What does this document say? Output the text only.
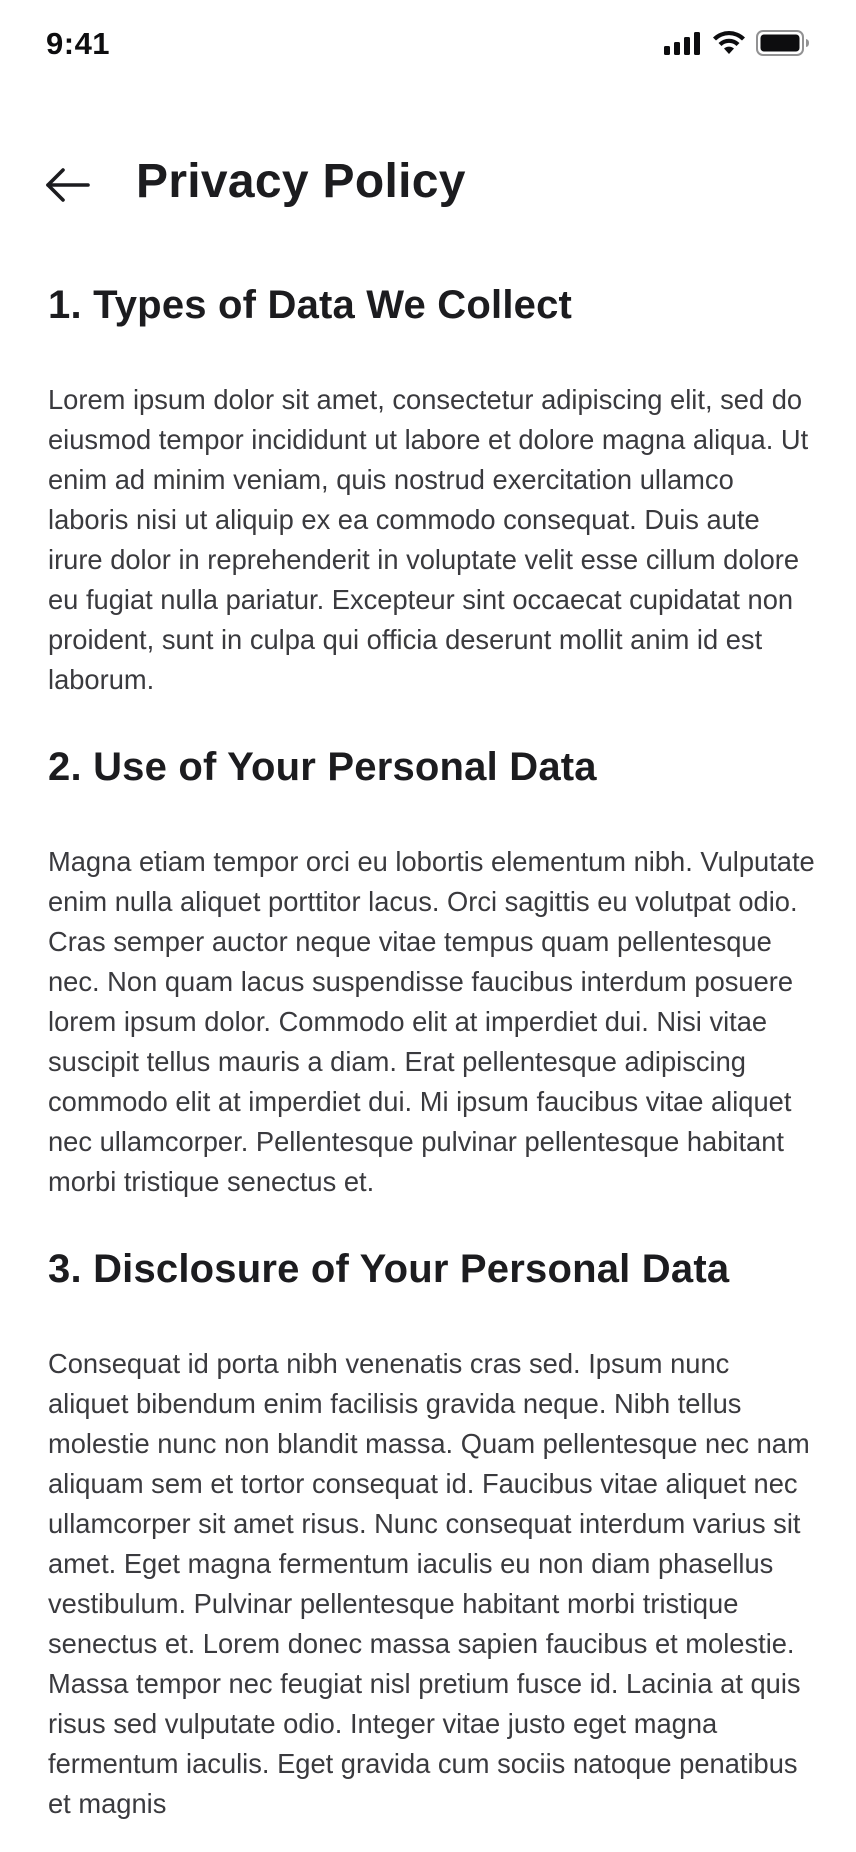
9:41
Privacy Policy
1. Types of Data We Collect

Lorem ipsum dolor sit amet, consectetur adipiscing elit, sed do eiusmod tempor incididunt ut labore et dolore magna aliqua. Ut enim ad minim veniam, quis nostrud exercitation ullamco laboris nisi ut aliquip ex ea commodo consequat. Duis aute irure dolor in reprehenderit in voluptate velit esse cillum dolore eu fugiat nulla pariatur. Excepteur sint occaecat cupidatat non proident, sunt in culpa qui officia deserunt mollit anim id est laborum.

2. Use of Your Personal Data

Magna etiam tempor orci eu lobortis elementum nibh. Vulputate enim nulla aliquet porttitor lacus. Orci sagittis eu volutpat odio. Cras semper auctor neque vitae tempus quam pellentesque nec. Non quam lacus suspendisse faucibus interdum posuere lorem ipsum dolor. Commodo elit at imperdiet dui. Nisi vitae suscipit tellus mauris a diam. Erat pellentesque adipiscing commodo elit at imperdiet dui. Mi ipsum faucibus vitae aliquet nec ullamcorper. Pellentesque pulvinar pellentesque habitant morbi tristique senectus et.

3. Disclosure of Your Personal Data

Consequat id porta nibh venenatis cras sed. Ipsum nunc aliquet bibendum enim facilisis gravida neque. Nibh tellus molestie nunc non blandit massa. Quam pellentesque nec nam aliquam sem et tortor consequat id. Faucibus vitae aliquet nec ullamcorper sit amet risus. Nunc consequat interdum varius sit amet. Eget magna fermentum iaculis eu non diam phasellus vestibulum. Pulvinar pellentesque habitant morbi tristique senectus et. Lorem donec massa sapien faucibus et molestie. Massa tempor nec feugiat nisl pretium fusce id. Lacinia at quis risus sed vulputate odio. Integer vitae justo eget magna fermentum iaculis. Eget gravida cum sociis natoque penatibus et magnis
